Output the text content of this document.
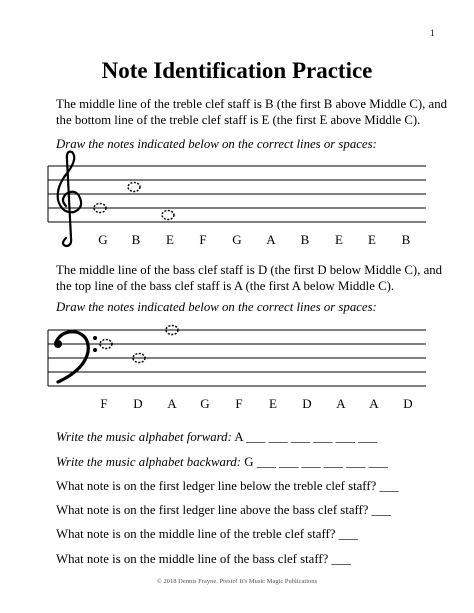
1
Note Identification Practice
The middle line of the treble clef staff is B (the first B above Middle C), and
the bottom line of the treble clef staff is E (the first E above Middle C).
Draw the notes indicated below on the correct lines or spaces:
G B E F G A B E E B
The middle line of the bass clef staff is D (the first D below Middle C), and
the top line of the bass clef staff is A (the first A below Middle C).
Draw the notes indicated below on the correct lines or spaces:
F D A G F E D A A D
Write the music alphabet forward: A ___ ___ ___ ___ ___ ___
Write the music alphabet backward: G ___ ___ ___ ___ ___ ___
What note is on the first ledger line below the treble clef staff? ___
What note is on the first ledger line above the bass clef staff? ___
What note is on the middle line of the treble clef staff? ___
What note is on the middle line of the bass clef staff? ___
© 2018 Dennis Frayne. Presto! It's Music Magic Publications
